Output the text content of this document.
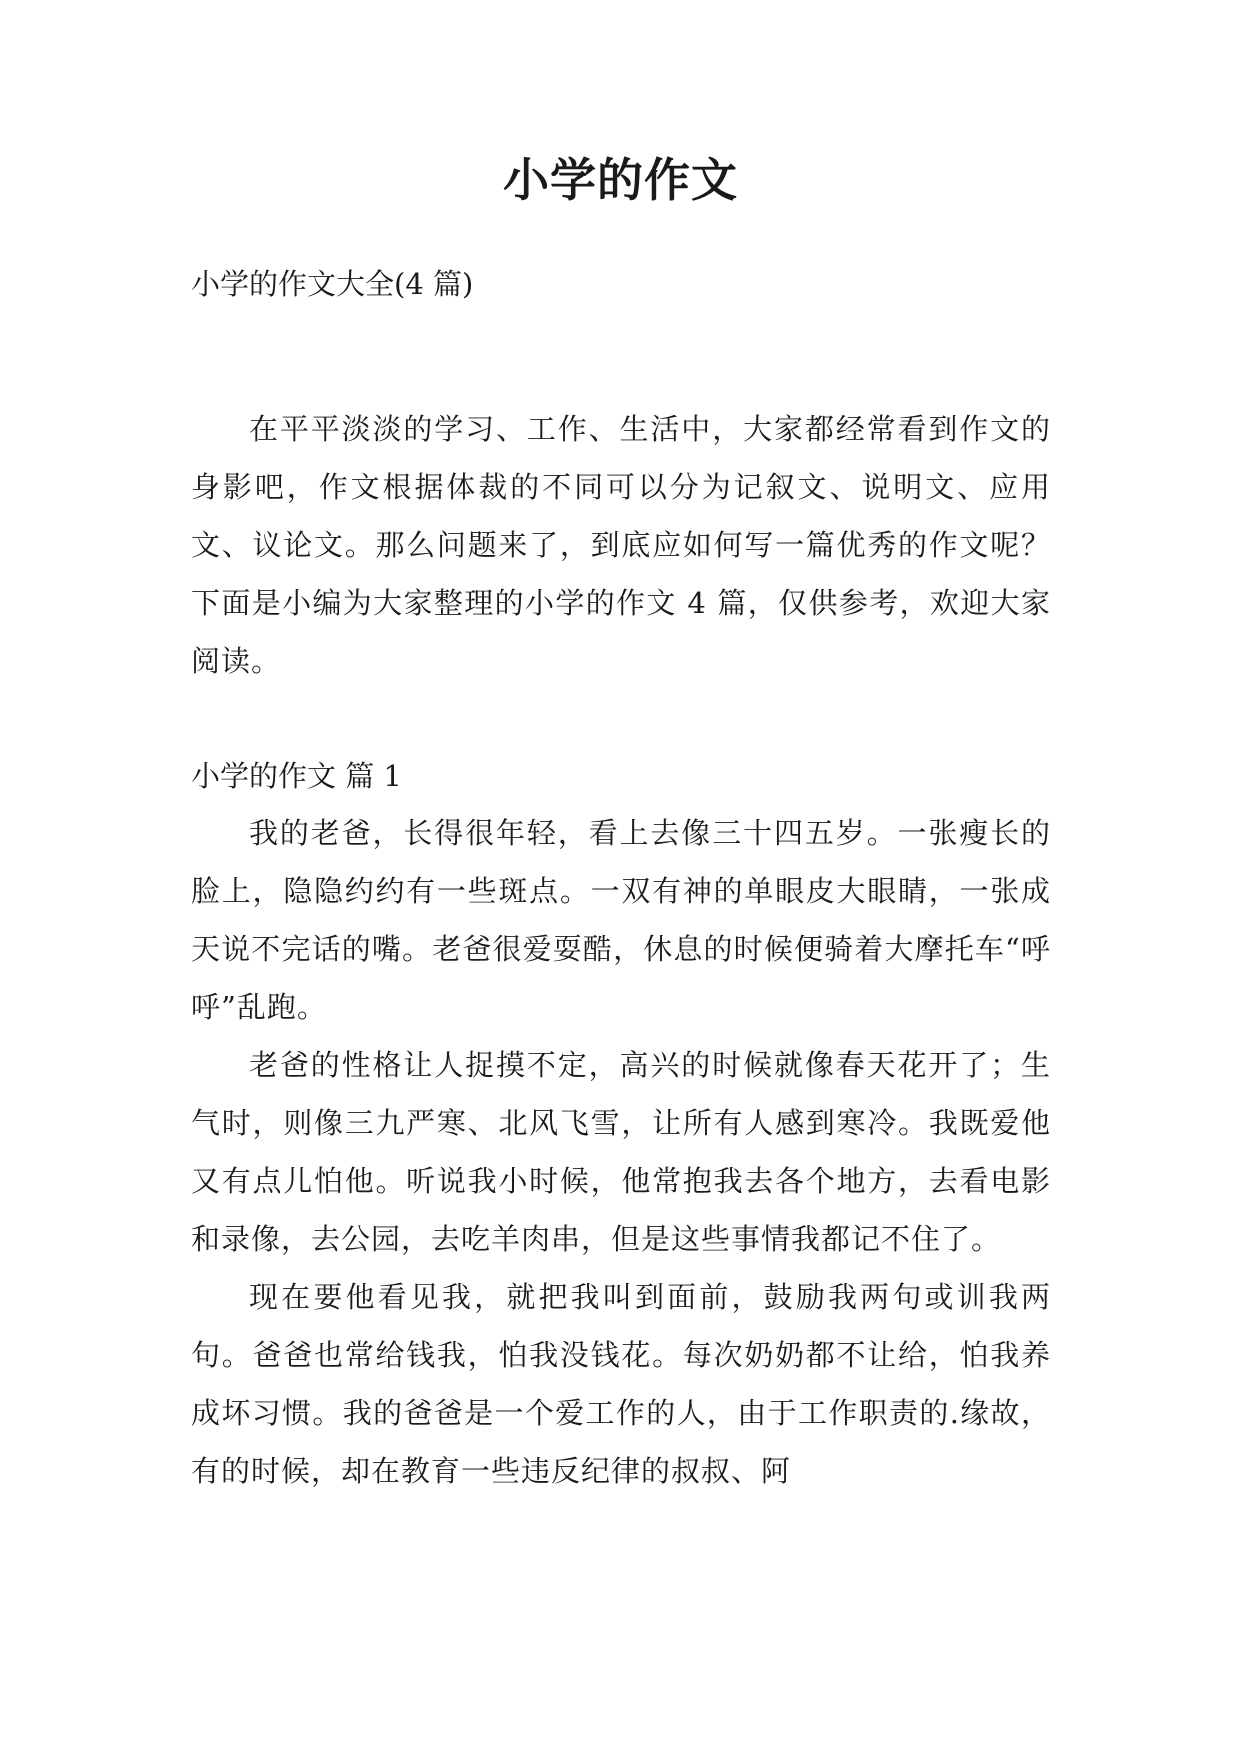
小学的作文

小学的作文大全(4 篇)

在平平淡淡的学习、工作、生活中，大家都经常看到作文的身影吧，作文根据体裁的不同可以分为记叙文、说明文、应用文、议论文。那么问题来了，到底应如何写一篇优秀的作文呢？下面是小编为大家整理的小学的作文 4 篇，仅供参考，欢迎大家阅读。

小学的作文 篇 1

我的老爸，长得很年轻，看上去像三十四五岁。一张瘦长的脸上，隐隐约约有一些斑点。一双有神的单眼皮大眼睛，一张成天说不完话的嘴。老爸很爱耍酷，休息的时候便骑着大摩托车“呼呼”乱跑。

老爸的性格让人捉摸不定，高兴的时候就像春天花开了；生气时，则像三九严寒、北风飞雪，让所有人感到寒冷。我既爱他又有点儿怕他。听说我小时候，他常抱我去各个地方，去看电影和录像，去公园，去吃羊肉串，但是这些事情我都记不住了。

现在要他看见我，就把我叫到面前，鼓励我两句或训我两句。爸爸也常给钱我，怕我没钱花。每次奶奶都不让给，怕我养成坏习惯。我的爸爸是一个爱工作的人，由于工作职责的.缘故，有的时候，却在教育一些违反纪律的叔叔、阿
